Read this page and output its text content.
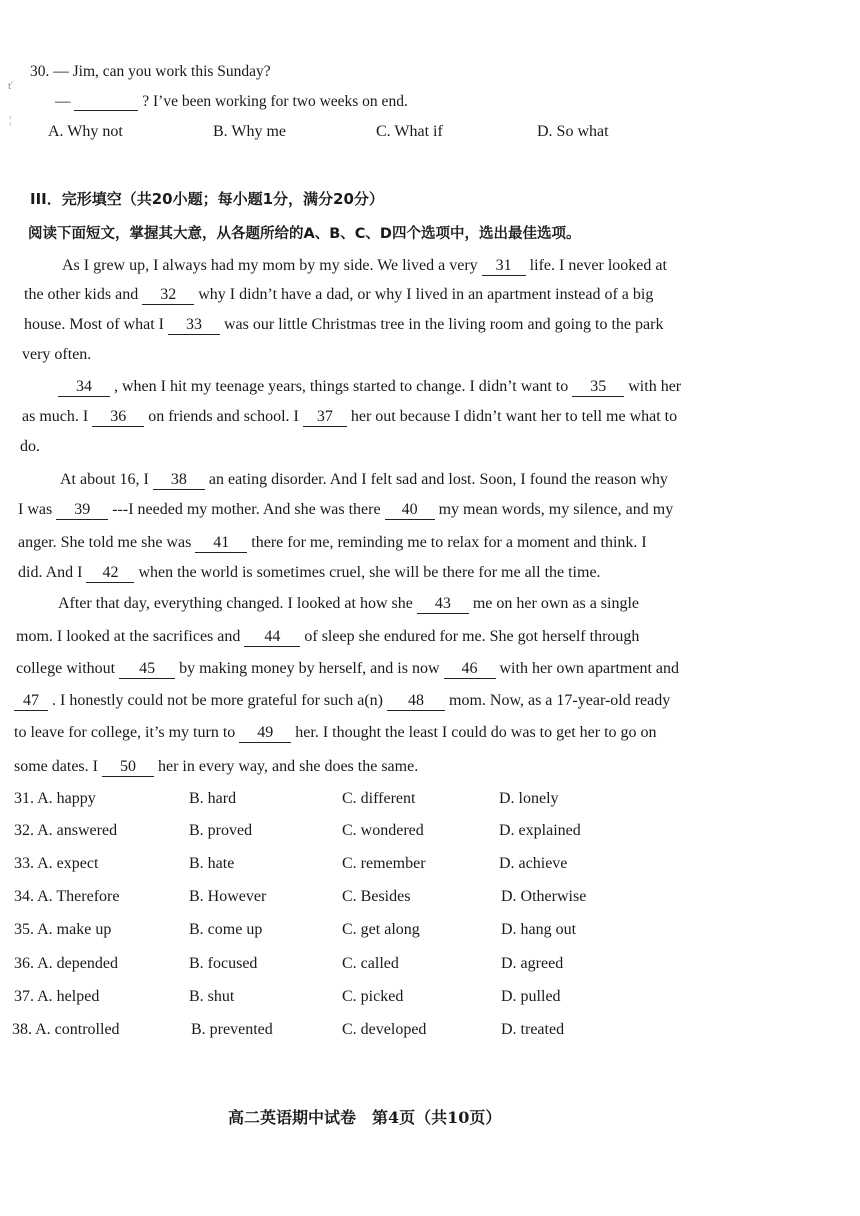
ť
¦
30. — Jim, can you work this Sunday?
—	? I’ve been working for two weeks on end.
A. Why not	B. Why me	C. What if	D. So what
III．完形填空（共20小题；每小题1分，满分20分）
阅读下面短文，掌握其大意，从各题所给的A、B、C、D四个选项中，选出最佳选项。
As I grew up, I always had my mom by my side. We lived a very 31 life. I never looked at
the other kids and 32 why I didn’t have a dad, or why I lived in an apartment instead of a big
house. Most of what I 33 was our little Christmas tree in the living room and going to the park
very often.
34 , when I hit my teenage years, things started to change. I didn’t want to 35 with her
as much. I 36 on friends and school. I 37 her out because I didn’t want her to tell me what to
do.
At about 16, I 38 an eating disorder. And I felt sad and lost. Soon, I found the reason why
I was 39 ---I needed my mother. And she was there 40 my mean words, my silence, and my
anger. She told me she was 41 there for me, reminding me to relax for a moment and think. I
did. And I 42 when the world is sometimes cruel, she will be there for me all the time.
After that day, everything changed. I looked at how she 43 me on her own as a single
mom. I looked at the sacrifices and 44 of sleep she endured for me. She got herself through
college without 45 by making money by herself, and is now 46 with her own apartment and
47 . I honestly could not be more grateful for such a(n) 48 mom. Now, as a 17-year-old ready
to leave for college, it’s my turn to 49 her. I thought the least I could do was to get her to go on
some dates. I 50 her in every way, and she does the same.
31. A. happy	B. hard	C. different	D. lonely
32. A. answered	B. proved	C. wondered	D. explained
33. A. expect	B. hate	C. remember	D. achieve
34. A. Therefore	B. However	C. Besides	D. Otherwise
35. A. make up	B. come up	C. get along	D. hang out
36. A. depended	B. focused	C. called	D. agreed
37. A. helped	B. shut	C. picked	D. pulled
38. A. controlled	B. prevented	C. developed	D. treated
高二英语期中试卷　第4页（共10页）
